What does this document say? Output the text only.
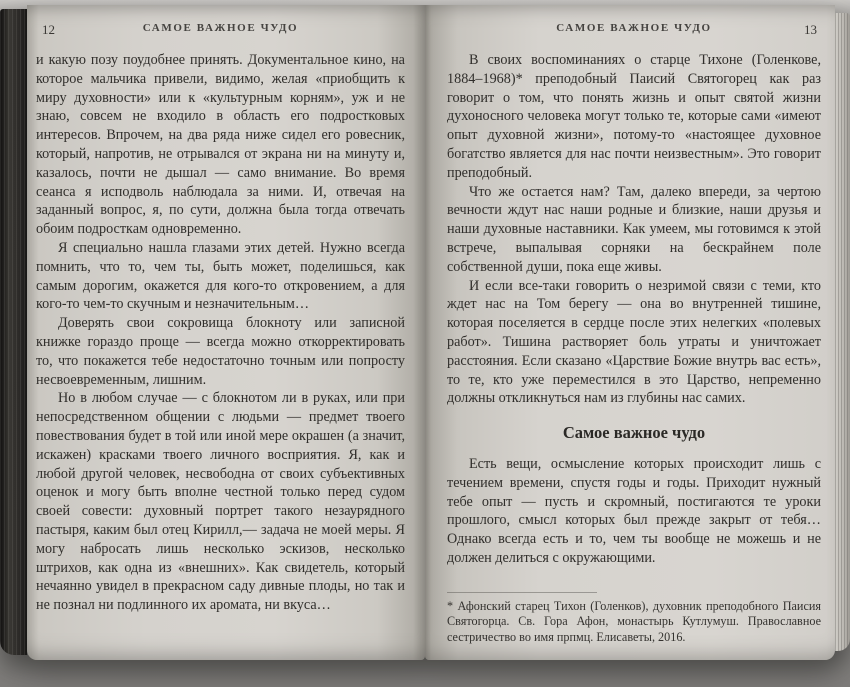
12	САМОЕ ВАЖНОЕ ЧУДО

и какую позу поудобнее принять. Документальное кино, на которое мальчика привели, видимо, желая «приобщить к миру духовности» или к «культурным корням», уж и не знаю, совсем не входило в область его подростковых интересов. Впрочем, на два ряда ниже сидел его ровесник, который, напротив, не отрывался от экрана ни на минуту и, казалось, почти не дышал — само внимание. Во время сеанса я исподволь наблюдала за ними. И, отвечая на заданный вопрос, я, по сути, должна была тогда отвечать обоим подросткам одновременно.

Я специально нашла глазами этих детей. Нужно всегда помнить, что то, чем ты, быть может, поделишься, как самым дорогим, окажется для кого-то откровением, а для кого-то чем-то скучным и незначительным…

Доверять свои сокровища блокноту или записной книжке гораздо проще — всегда можно откорректировать то, что покажется тебе недостаточно точным или попросту несвоевременным, лишним.

Но в любом случае — с блокнотом ли в руках, или при непосредственном общении с людьми — предмет твоего повествования будет в той или иной мере окрашен (а значит, искажен) красками твоего личного восприятия. Я, как и любой другой человек, несвободна от своих субъективных оценок и могу быть вполне честной только перед судом своей совести: духовный портрет такого незаурядного пастыря, каким был отец Кирилл,— задача не моей меры. Я могу набросать лишь несколько эскизов, несколько штрихов, как одна из «внешних». Как свидетель, который нечаянно увидел в прекрасном саду дивные плоды, но так и не познал ни подлинного их аромата, ни вкуса…

САМОЕ ВАЖНОЕ ЧУДО	13

В своих воспоминаниях о старце Тихоне (Голенкове, 1884–1968)* преподобный Паисий Святогорец как раз говорит о том, что понять жизнь и опыт святой жизни духоносного человека могут только те, которые сами «имеют опыт духовной жизни», потому-то «настоящее духовное богатство является для нас почти неизвестным». Это говорит преподобный.

Что же остается нам? Там, далеко впереди, за чертою вечности ждут нас наши родные и близкие, наши друзья и наши духовные наставники. Как умеем, мы готовимся к этой встрече, выпалывая сорняки на бескрайнем поле собственной души, пока еще живы.

И если все-таки говорить о незримой связи с теми, кто ждет нас на Том берегу — она во внутренней тишине, которая поселяется в сердце после этих нелегких «полевых работ». Тишина растворяет боль утраты и уничтожает расстояния. Если сказано «Царствие Божие внутрь вас есть», то те, кто уже переместился в это Царство, непременно должны откликнуться нам из глубины нас самих.

Самое важное чудо

Есть вещи, осмысление которых происходит лишь с течением времени, спустя годы и годы. Приходит нужный тебе опыт — пусть и скромный, постигаются те уроки прошлого, смысл которых был прежде закрыт от тебя… Однако всегда есть и то, чем ты вообще не можешь и не должен делиться с окружающими.

* Афонский старец Тихон (Голенков), духовник преподобного Паисия Святогорца. Св. Гора Афон, монастырь Кутлумуш. Православное сестричество во имя прпмц. Елисаветы, 2016.
